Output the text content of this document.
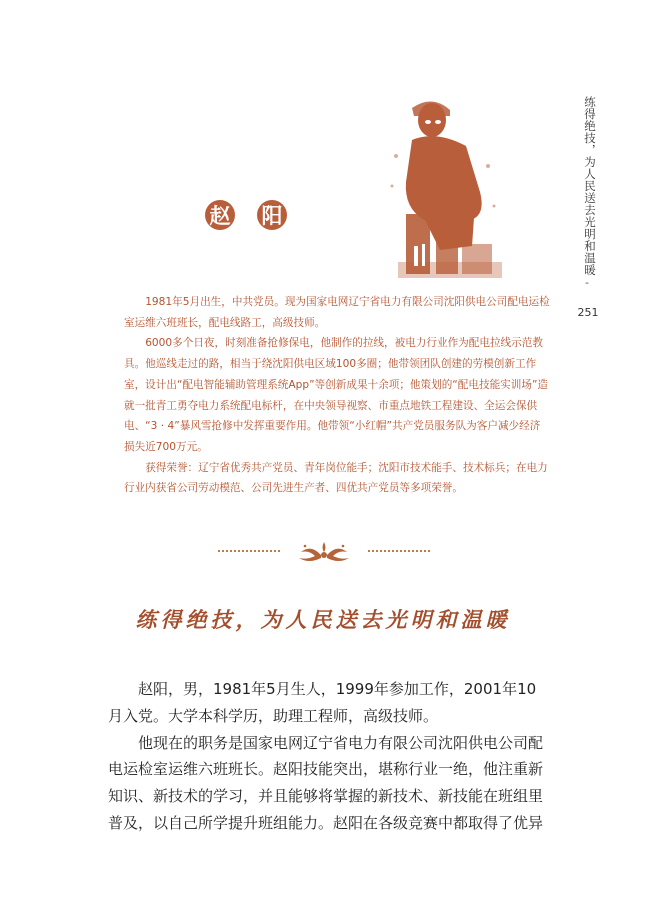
练得绝技，为人民送去光明和温暖
-
251
赵 阳

1981年5月出生，中共党员。现为国家电网辽宁省电力有限公司沈阳供电公司配电运检室运维六班班长，配电线路工，高级技师。

6000多个日夜，时刻准备抢修保电，他制作的拉线，被电力行业作为配电拉线示范教具。他巡线走过的路，相当于绕沈阳供电区域100多圈；他带领团队创建的劳模创新工作室，设计出“配电智能辅助管理系统App”等创新成果十余项；他策划的“配电技能实训场”造就一批青工勇夺电力系统配电标杆，在中央领导视察、市重点地铁工程建设、全运会保供电、“3 · 4”暴风雪抢修中发挥重要作用。他带领“小红帽”共产党员服务队为客户减少经济损失近700万元。

获得荣誉：辽宁省优秀共产党员、青年岗位能手；沈阳市技术能手、技术标兵；在电力行业内获省公司劳动模范、公司先进生产者、四优共产党员等多项荣誉。

练得绝技，为人民送去光明和温暖

赵阳，男，1981年5月生人，1999年参加工作，2001年10月入党。大学本科学历，助理工程师，高级技师。

他现在的职务是国家电网辽宁省电力有限公司沈阳供电公司配电运检室运维六班班长。赵阳技能突出，堪称行业一绝，他注重新知识、新技术的学习，并且能够将掌握的新技术、新技能在班组里普及，以自己所学提升班组能力。赵阳在各级竞赛中都取得了优异
